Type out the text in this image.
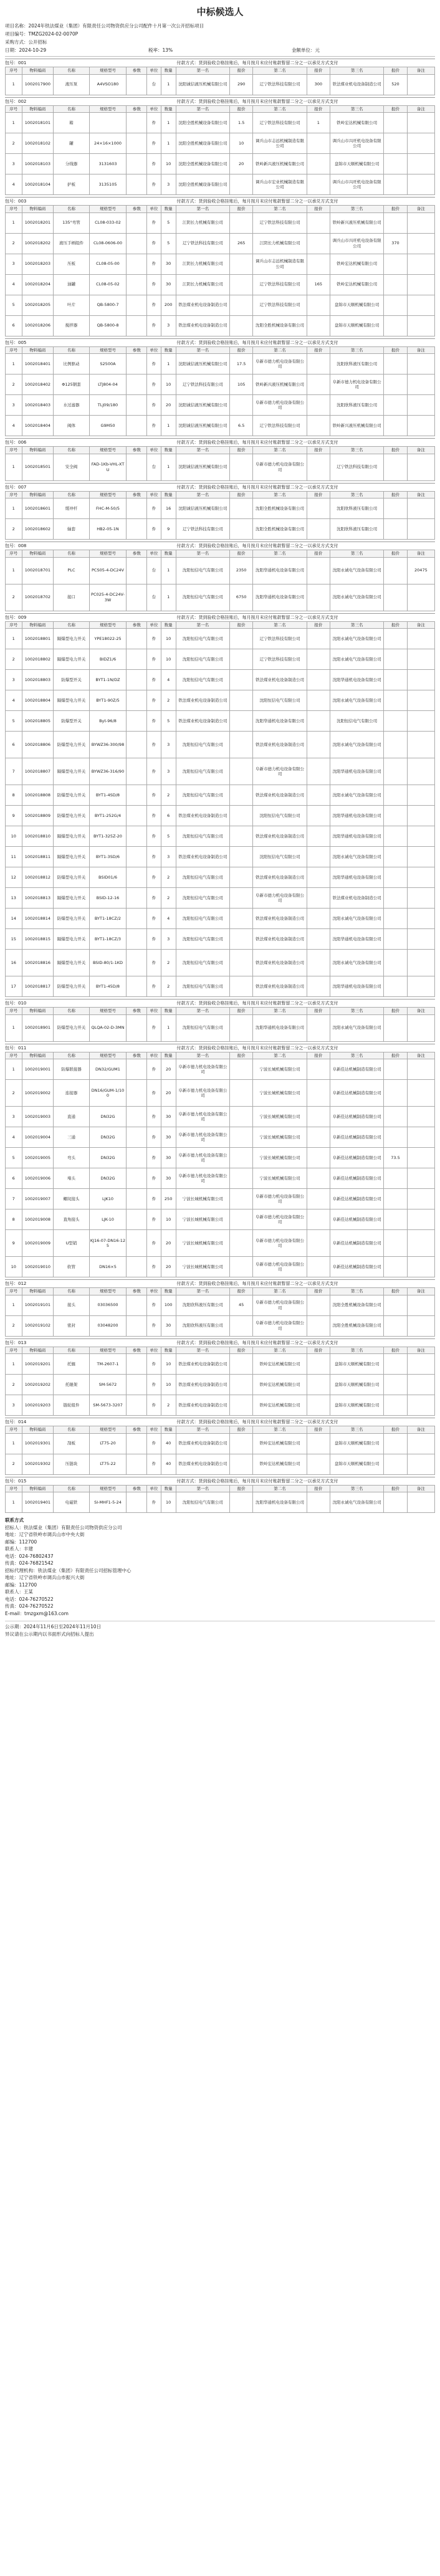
中标候选人
项目名称：2024年铁法煤业（集团）有限责任公司物资供应分公司配件十月第一次公开招标项目
项目编号：TMZG2024-02-0070P
采购方式：公开招标
日期：2024-10-29	税率：13%	金额单位：元
包号：001	付款方式：货到验收合格挂账后，每月按月末应付账款暂留二分之一以承兑方式支付
序号	物料编码	名称	规格型号	参数	单位	数量	第一名	报价	第二名	报价	第三名	报价	备注
1	1002017900	液压泵	A4VSO180		台	1	沈阳诚信液压机械有限公司	290	辽宁铁法科技有限公司	300	铁法煤业机电设备制造公司	520	
包号：002	付款方式：货到验收合格挂账后，每月按月末应付账款暂留二分之一以承兑方式支付
序号	物料编码	名称	规格型号	参数	单位	数量	第一名	报价	第二名	报价	第三名	报价	备注
1	1002018101	箱			件	1	沈阳全胜机械设备有限公司	1.5	辽宁铁法科技有限公司	1	铁岭宏达机械有限公司		
2	1002018102	罐	24×16×1000		件	1	沈阳全胜机械设备有限公司	10	调兵山市志远机械制造有限公司		调兵山市兴旺机电设备有限公司		
3	1002018103	分线器	3131603		件	10	沈阳全胜机械设备有限公司	20	铁岭新兴液压机械有限公司		盘锦市天顺机械有限公司		
4	1002018104	护板	3135105		件	3	沈阳全胜机械设备有限公司		调兵山市宏业机械制造有限公司		调兵山市兴旺机电设备有限公司		
包号：003	付款方式：货到验收合格挂账后，每月按月末应付账款暂留二分之一以承兑方式支付
序号	物料编码	名称	规格型号	参数	单位	数量	第一名	报价	第二名	报价	第三名	报价	备注
1	1002018201	135°弯管	CL08-033-02		件	5	江阴长力机械有限公司		辽宁铁法科技有限公司		铁岭新兴液压机械有限公司		
2	1002018202	液压手柄组件	CL08-0606-00		件	5	辽宁铁法科技有限公司	265	江阴长力机械有限公司		调兵山市兴旺机电设备有限公司	370	
3	1002018203	压板	CL08-05-00		件	30	江阴长力机械有限公司		调兵山市志远机械制造有限公司		铁岭宏达机械有限公司		
4	1002018204	油罐	CL08-05-02		件	30	江阴长力机械有限公司		辽宁铁法科技有限公司	165	铁岭宏达机械有限公司		
5	1002018205	叶片	QB-5800-7		件	200	铁法煤业机电设备制造公司		辽宁铁法科技有限公司		盘锦市天顺机械有限公司		
6	1002018206	搅拌器	QB-5800-8		件	3	铁法煤业机电设备制造公司		沈阳全胜机械设备有限公司		盘锦市天顺机械有限公司		
包号：005	付款方式：货到验收合格挂账后，每月按月末应付账款暂留二分之一以承兑方式支付
序号	物料编码	名称	规格型号	参数	单位	数量	第一名	报价	第二名	报价	第三名	报价	备注
1	1002018401	比例驱动	S2500A		件	1	沈阳诚信液压机械有限公司	17.5	阜新市德力机电设备有限公司		沈阳欣科液压有限公司		
2	1002018402	Φ125钢套	LTJ804-04		件	10	辽宁铁法科技有限公司	105	铁岭新兴液压机械有限公司		阜新市德力机电设备有限公司		
3	1002018403	水过滤器	TLJ09/180		件	20	沈阳诚信液压机械有限公司		阜新市德力机电设备有限公司		沈阳欣科液压有限公司		
4	1002018404	阀体	G9M50		件	1	沈阳诚信液压机械有限公司	6.5	辽宁铁法科技有限公司		铁岭新兴液压机械有限公司		
包号：006	付款方式：货到验收合格挂账后，每月按月末应付账款暂留二分之一以承兑方式支付
序号	物料编码	名称	规格型号	参数	单位	数量	第一名	报价	第二名	报价	第三名	报价	备注
1	1002018501	安全阀	FAD-1Kb-VHL-XTU		台	1	沈阳诚信液压机械有限公司		阜新市德力机电设备有限公司		辽宁铁法科技有限公司		
包号：007	付款方式：货到验收合格挂账后，每月按月末应付账款暂留二分之一以承兑方式支付
序号	物料编码	名称	规格型号	参数	单位	数量	第一名	报价	第二名	报价	第三名	报价	备注
1	1002018601	缓冲杆	FHC-M-50/5		件	16	沈阳诚信液压机械有限公司		沈阳全胜机械设备有限公司		沈阳欣科液压有限公司		
2	1002018602	轴套	HB2-05-1N		件	9	辽宁铁法科技有限公司		沈阳全胜机械设备有限公司		沈阳欣科液压有限公司		
包号：008	付款方式：货到验收合格挂账后，每月按月末应付账款暂留二分之一以承兑方式支付
序号	物料编码	名称	规格型号	参数	单位	数量	第一名	报价	第二名	报价	第三名	报价	备注
1	1002018701	PLC	PCS05-4-DC24V		台	1	沈阳恒信电气有限公司	2350	沈阳华通机电设备有限公司		沈阳永诚电气设备有限公司		20475
2	1002018702	接口	PC025-4-DC24V-3W		台	1	沈阳恒信电气有限公司	6750	沈阳华通机电设备有限公司		沈阳永诚电气设备有限公司		
包号：009	付款方式：货到验收合格挂账后，每月按月末应付账款暂留二分之一以承兑方式支付
序号	物料编码	名称	规格型号	参数	单位	数量	第一名	报价	第二名	报价	第三名	报价	备注
1	1002018801	隔爆型电力开关	YPE18022-25		件	10	沈阳恒信电气有限公司		辽宁铁法科技有限公司		沈阳永诚电气设备有限公司		
2	1002018802	隔爆型电力开关	BIDZ1/6		件	10	沈阳恒信电气有限公司		辽宁铁法科技有限公司		沈阳永诚电气设备有限公司		
3	1002018803	防爆型开关	BYT1-1N/DZ		件	4	沈阳恒信电气有限公司		铁法煤业机电设备制造公司		沈阳华通机电设备有限公司		
4	1002018804	隔爆型电力开关	BYT1-90Z/5		件	2	铁法煤业机电设备制造公司		沈阳恒信电气有限公司		沈阳永诚电气设备有限公司		
5	1002018805	防爆型开关	Byt-96/8		件	5	铁法煤业机电设备制造公司		沈阳华通机电设备有限公司		沈阳恒信电气有限公司		
6	1002018806	防爆型电力开关	BYWZ36-300/98		件	3	沈阳恒信电气有限公司		铁法煤业机电设备制造公司		沈阳永诚电气设备有限公司		
7	1002018807	隔爆型电力开关	BYWZ36-316/90		件	3	沈阳恒信电气有限公司		阜新市德力机电设备有限公司		沈阳华通机电设备有限公司		
8	1002018808	防爆型电力开关	BYT1-4SD/8		件	2	沈阳恒信电气有限公司		铁法煤业机电设备制造公司		沈阳永诚电气设备有限公司		
9	1002018809	防爆型电力开关	BYT1-252G/4		件	6	铁法煤业机电设备制造公司		沈阳恒信电气有限公司		沈阳华通机电设备有限公司		
10	1002018810	隔爆型电力开关	BYT1-325Z-20		件	5	沈阳恒信电气有限公司		铁法煤业机电设备制造公司		沈阳华通机电设备有限公司		
11	1002018811	隔爆型电力开关	BYT1-3SD/6		件	3	铁法煤业机电设备制造公司		沈阳恒信电气有限公司		沈阳永诚电气设备有限公司		
12	1002018812	防爆型电力开关	BSID01/6		件	2	沈阳恒信电气有限公司		铁法煤业机电设备制造公司		沈阳华通机电设备有限公司		
13	1002018813	隔爆型电力开关	BSID-12-16		件	2	沈阳恒信电气有限公司		阜新市德力机电设备有限公司		铁法煤业机电设备制造公司		
14	1002018814	防爆型电力开关	BYT1-18CZ/2		件	4	沈阳恒信电气有限公司		铁法煤业机电设备制造公司		沈阳永诚电气设备有限公司		
15	1002018815	隔爆型电力开关	BYT1-18CZ/3		件	3	沈阳恒信电气有限公司		铁法煤业机电设备制造公司		沈阳华通机电设备有限公司		
16	1002018816	隔爆型电力开关	BSID-80/1-1KD		件	2	沈阳恒信电气有限公司		铁法煤业机电设备制造公司		沈阳永诚电气设备有限公司		
17	1002018817	防爆型电力开关	BYT1-45D/8		件	2	沈阳恒信电气有限公司		铁法煤业机电设备制造公司		沈阳华通机电设备有限公司		
包号：010	付款方式：货到验收合格挂账后，每月按月末应付账款暂留二分之一以承兑方式支付
序号	物料编码	名称	规格型号	参数	单位	数量	第一名	报价	第二名	报价	第三名	报价	备注
1	1002018901	防爆型电力开关	QLQA-02-D-3MN		件	1	沈阳恒信电气有限公司		沈阳华通机电设备有限公司		沈阳永诚电气设备有限公司		
包号：011	付款方式：货到验收合格挂账后，每月按月末应付账款暂留二分之一以承兑方式支付
序号	物料编码	名称	规格型号	参数	单位	数量	第一名	报价	第二名	报价	第三名	报价	备注
1	1002019001	防爆联接器	DN32/GUM1		件	20	阜新市德力机电设备有限公司		宁波长城机械有限公司		阜新佳达机械制造有限公司		
2	1002019002	连接器	DN16/GUM-1/100		件	20	阜新市德力机电设备有限公司		宁波长城机械有限公司		阜新佳达机械制造有限公司		
3	1002019003	直通	DN32G		件	30	阜新市德力机电设备有限公司		宁波长城机械有限公司		阜新佳达机械制造有限公司		
4	1002019004	三通	DN32G		件	30	阜新市德力机电设备有限公司		宁波长城机械有限公司		阜新佳达机械制造有限公司		
5	1002019005	弯头	DN32G		件	30	阜新市德力机电设备有限公司		宁波长城机械有限公司		阜新佳达机械制造有限公司	73.5	
6	1002019006	堵头	DN32G		件	30	阜新市德力机电设备有限公司		宁波长城机械有限公司		阜新佳达机械制造有限公司		
7	1002019007	螺纹接头	LJK10		件	250	宁波长城机械有限公司		阜新市德力机电设备有限公司		阜新佳达机械制造有限公司		
8	1002019008	直角接头	LJK-10		件	10	宁波长城机械有限公司		阜新市德力机电设备有限公司		阜新佳达机械制造有限公司		
9	1002019009	U型销	KJ16-07-DN16-125		件	20	宁波长城机械有限公司		阜新市德力机电设备有限公司		阜新佳达机械制造有限公司		
10	1002019010	软管	DN16×5		件	20	宁波长城机械有限公司		阜新市德力机电设备有限公司		阜新佳达机械制造有限公司		
包号：012	付款方式：货到验收合格挂账后，每月按月末应付账款暂留二分之一以承兑方式支付
序号	物料编码	名称	规格型号	参数	单位	数量	第一名	报价	第二名	报价	第三名	报价	备注
1	1002019101	接头	03036500		件	100	沈阳欣科液压有限公司	45	阜新市德力机电设备有限公司		沈阳全胜机械设备有限公司		
2	1002019102	密封	03048200		件	30	沈阳欣科液压有限公司		阜新市德力机电设备有限公司		沈阳全胜机械设备有限公司		
包号：013	付款方式：货到验收合格挂账后，每月按月末应付账款暂留二分之一以承兑方式支付
序号	物料编码	名称	规格型号	参数	单位	数量	第一名	报价	第二名	报价	第三名	报价	备注
1	1002019201	托辊	TM-2607-1		件	10	铁法煤业机电设备制造公司		铁岭宏达机械有限公司		盘锦市天顺机械有限公司		
2	1002019202	托辊架	SM-5672		件	10	铁法煤业机电设备制造公司		铁岭宏达机械有限公司		盘锦市天顺机械有限公司		
3	1002019203	链轮组件	SM-5673-3207		件	2	铁法煤业机电设备制造公司		铁岭宏达机械有限公司		盘锦市天顺机械有限公司		
包号：014	付款方式：货到验收合格挂账后，每月按月末应付账款暂留二分之一以承兑方式支付
序号	物料编码	名称	规格型号	参数	单位	数量	第一名	报价	第二名	报价	第三名	报价	备注
1	1002019301	刮板	LT75-20		件	40	铁法煤业机电设备制造公司		铁岭宏达机械有限公司		盘锦市天顺机械有限公司		
2	1002019302	压链块	LT75-22		件	40	铁法煤业机电设备制造公司		铁岭宏达机械有限公司		盘锦市天顺机械有限公司		
包号：015	付款方式：货到验收合格挂账后，每月按月末应付账款暂留二分之一以承兑方式支付
序号	物料编码	名称	规格型号	参数	单位	数量	第一名	报价	第二名	报价	第三名	报价	备注
1	1002019401	电磁铁	SI-MHF1-5-24		件	10	沈阳恒信电气有限公司		沈阳华通机电设备有限公司		沈阳永诚电气设备有限公司		
联系方式
招标人：铁法煤业（集团）有限责任公司物资供应分公司
地址：辽宁省铁岭市调兵山市中央大街
邮编：112700
联系人：丰建
电话：024-76802437
传真：024-76821542
招标代理机构：铁法煤业（集团）有限责任公司招标管理中心
地址：辽宁省铁岭市调兵山市振兴大街
邮编：112700
联系人：王某
电话：024-76270522
传真：024-76270522
E-mail：tmzgxm@163.com
公示期：2024年11月6日至2024年11月10日
异议请在公示期内以书面形式向招标人提出
